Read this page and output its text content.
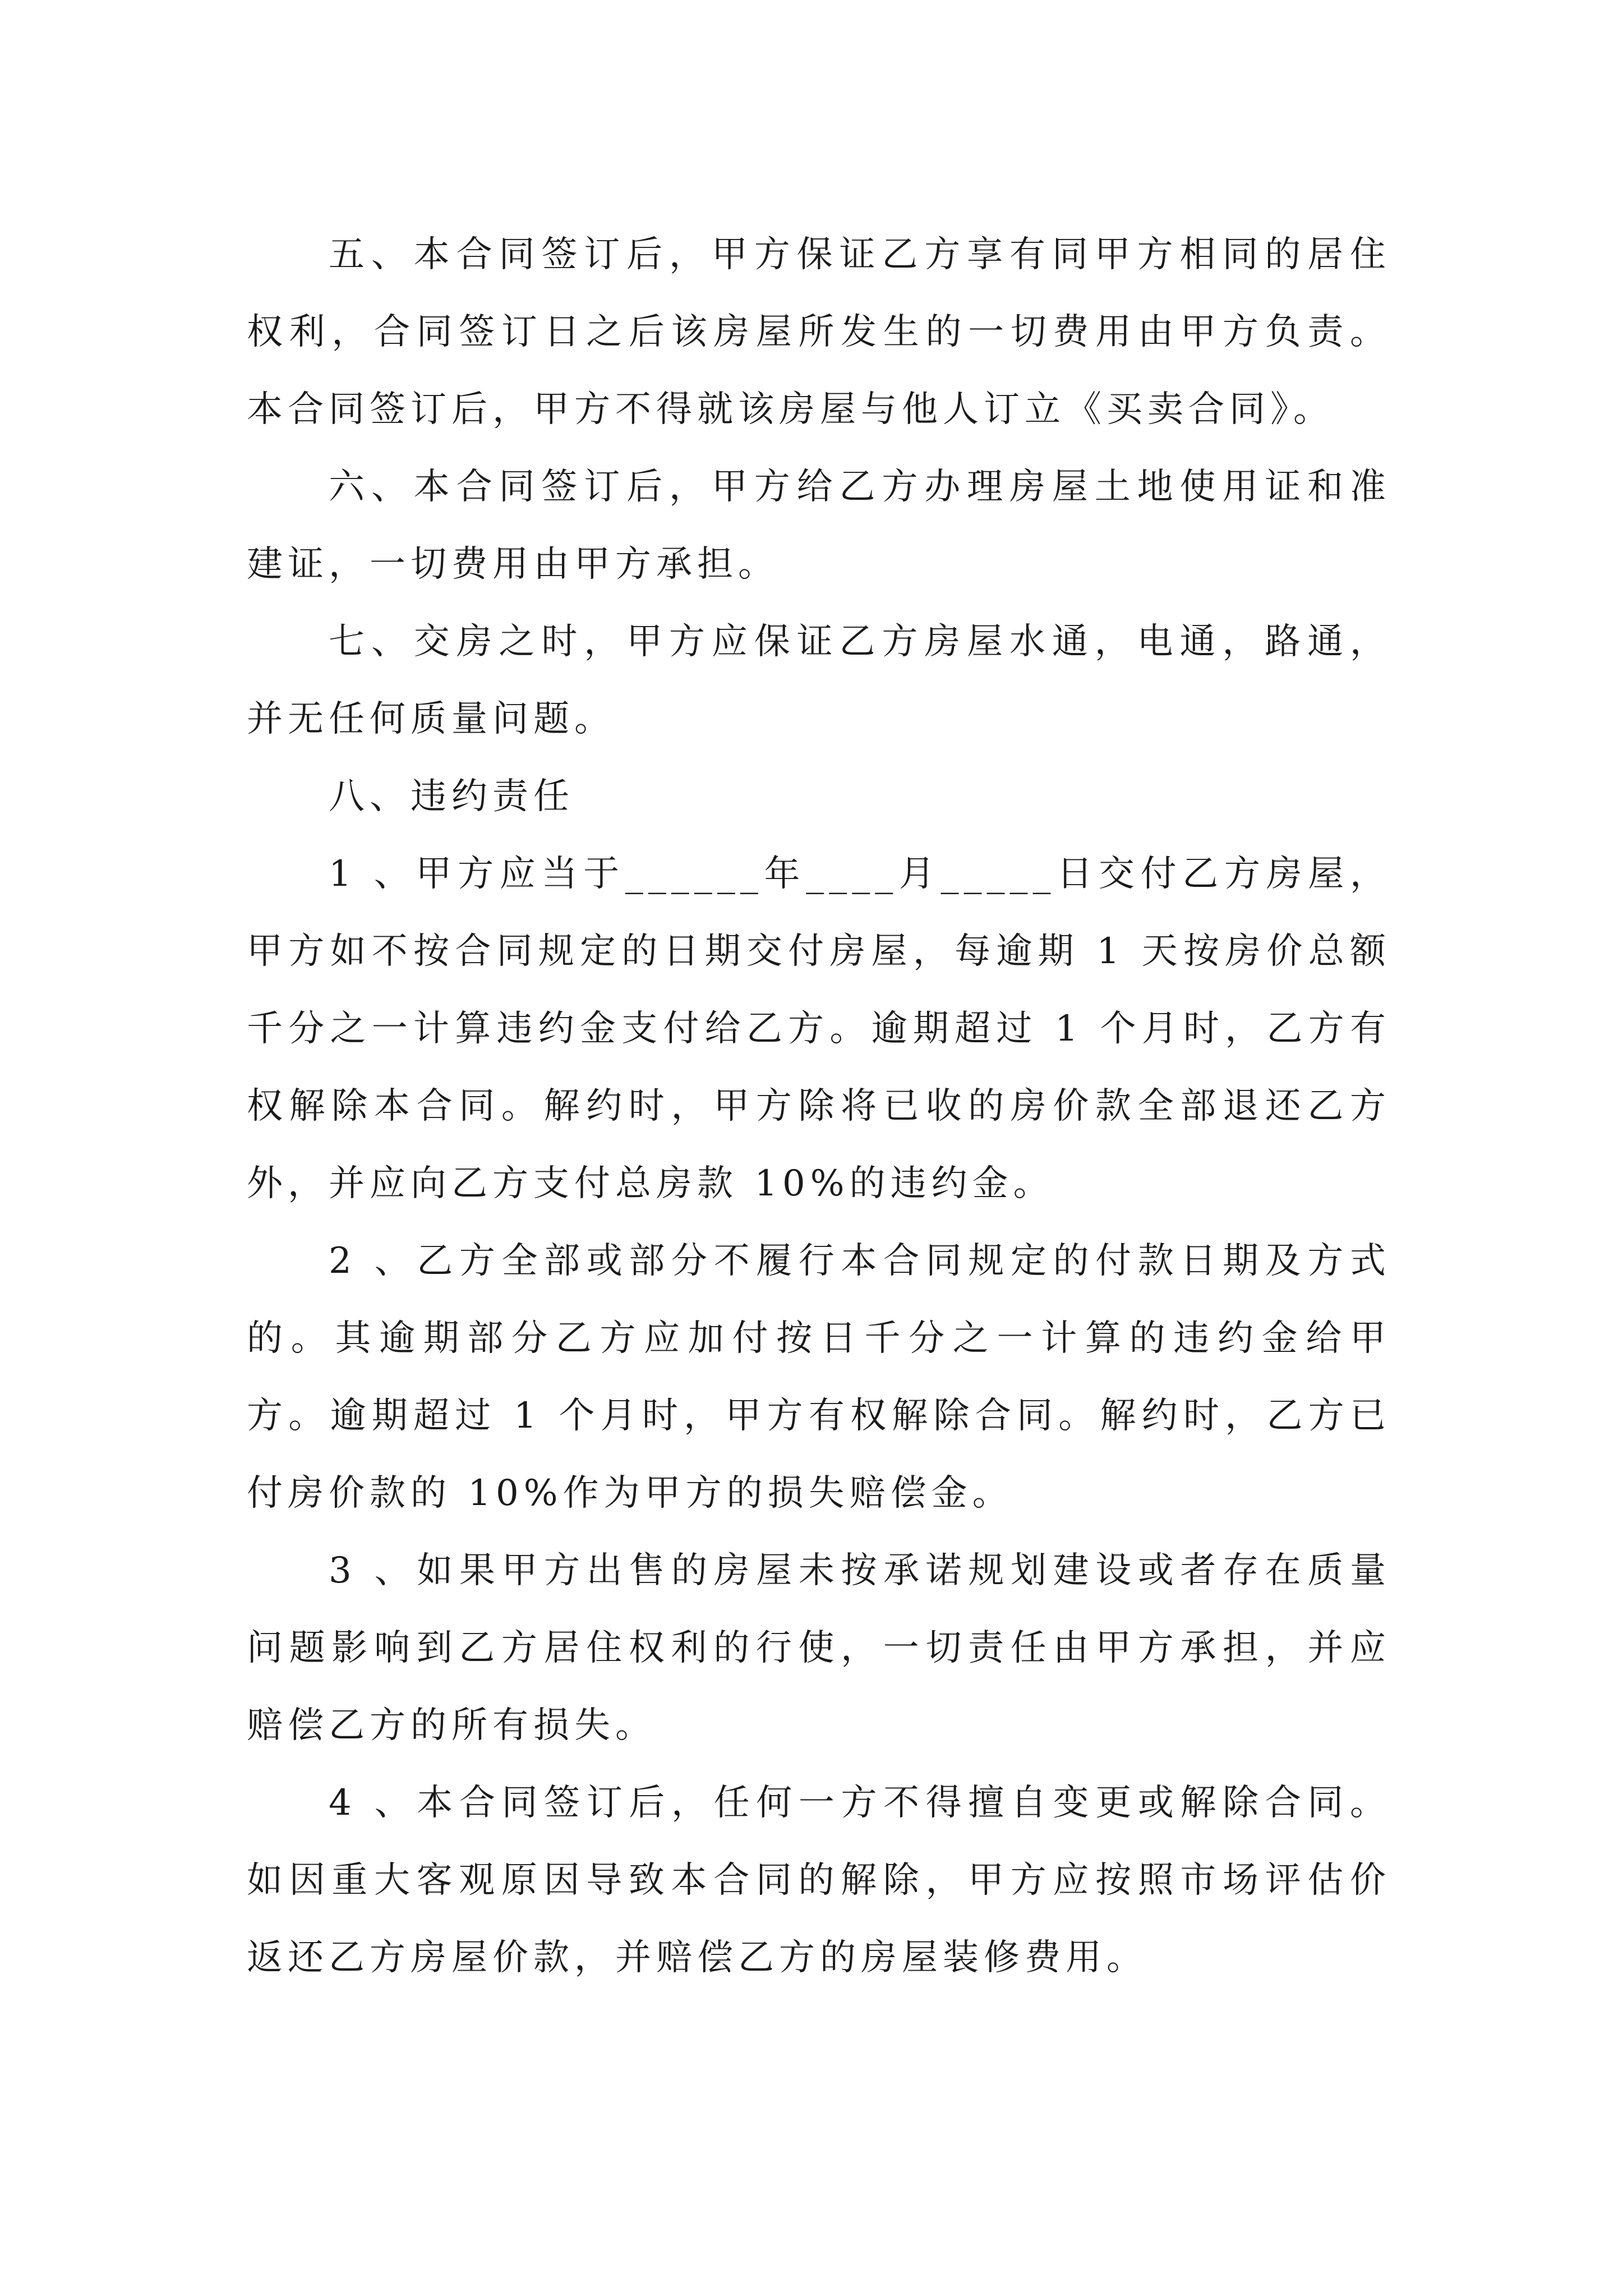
五、本合同签订后，甲方保证乙方享有同甲方相同的居住权利，合同签订日之后该房屋所发生的一切费用由甲方负责。本合同签订后，甲方不得就该房屋与他人订立《买卖合同》。

六、本合同签订后，甲方给乙方办理房屋土地使用证和准建证，一切费用由甲方承担。

七、交房之时，甲方应保证乙方房屋水通，电通，路通，并无任何质量问题。

八、违约责任

1 、甲方应当于______年____月_____日交付乙方房屋，甲方如不按合同规定的日期交付房屋，每逾期 1 天按房价总额千分之一计算违约金支付给乙方。逾期超过 1 个月时，乙方有权解除本合同。解约时，甲方除将已收的房价款全部退还乙方外，并应向乙方支付总房款 10%的违约金。

2 、乙方全部或部分不履行本合同规定的付款日期及方式的。其逾期部分乙方应加付按日千分之一计算的违约金给甲方。逾期超过 1 个月时，甲方有权解除合同。解约时，乙方已付房价款的 10%作为甲方的损失赔偿金。

3 、如果甲方出售的房屋未按承诺规划建设或者存在质量问题影响到乙方居住权利的行使，一切责任由甲方承担，并应赔偿乙方的所有损失。

4 、本合同签订后，任何一方不得擅自变更或解除合同。如因重大客观原因导致本合同的解除，甲方应按照市场评估价返还乙方房屋价款，并赔偿乙方的房屋装修费用。
